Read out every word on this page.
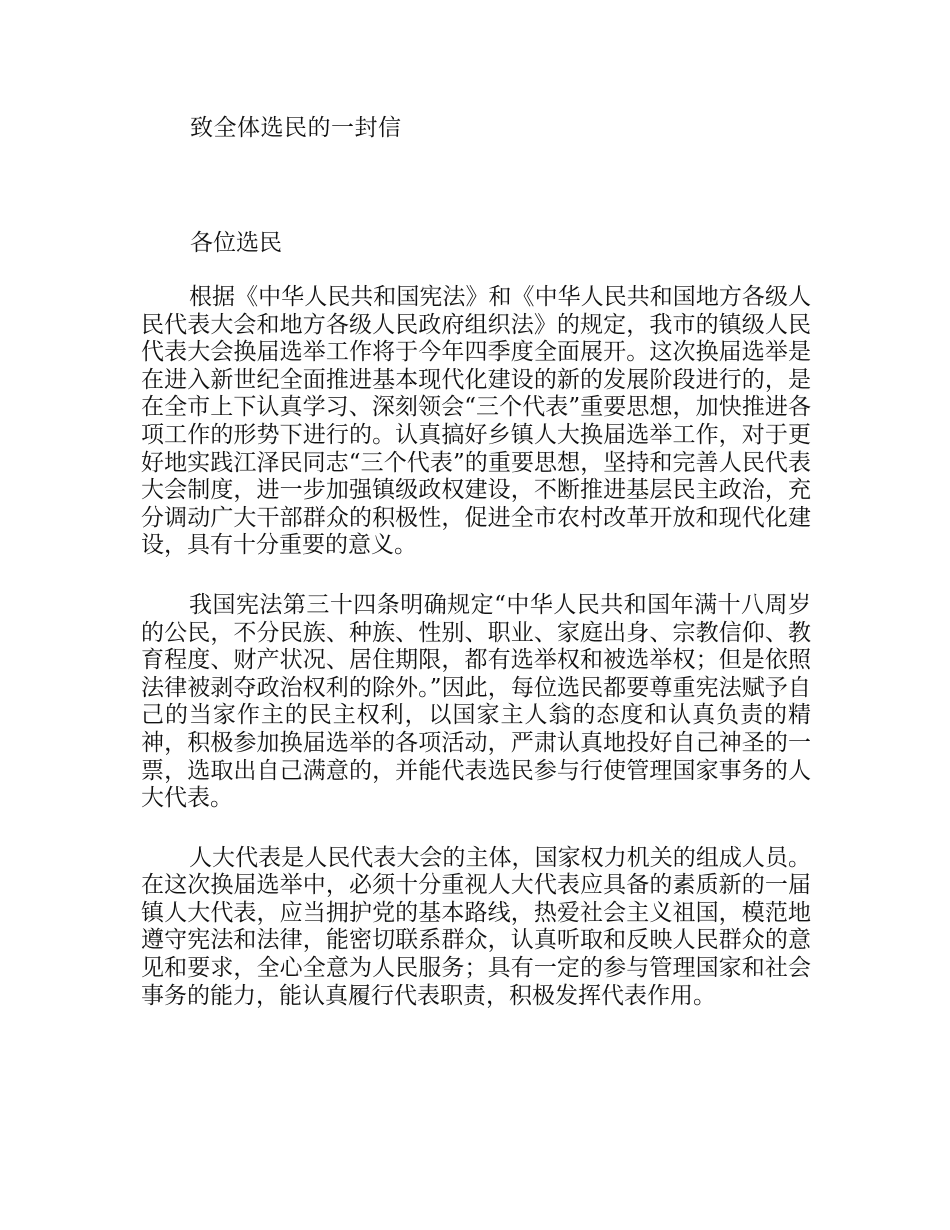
致全体选民的一封信
各位选民

根据《中华人民共和国宪法》和《中华人民共和国地方各级人民代表大会和地方各级人民政府组织法》的规定，我市的镇级人民代表大会换届选举工作将于今年四季度全面展开。这次换届选举是在进入新世纪全面推进基本现代化建设的新的发展阶段进行的，是在全市上下认真学习、深刻领会“三个代表”重要思想，加快推进各项工作的形势下进行的。认真搞好乡镇人大换届选举工作，对于更好地实践江泽民同志“三个代表”的重要思想，坚持和完善人民代表大会制度，进一步加强镇级政权建设，不断推进基层民主政治，充分调动广大干部群众的积极性，促进全市农村改革开放和现代化建设，具有十分重要的意义。

我国宪法第三十四条明确规定“中华人民共和国年满十八周岁的公民，不分民族、种族、性别、职业、家庭出身、宗教信仰、教育程度、财产状况、居住期限，都有选举权和被选举权；但是依照法律被剥夺政治权利的除外。”因此，每位选民都要尊重宪法赋予自己的当家作主的民主权利，以国家主人翁的态度和认真负责的精神，积极参加换届选举的各项活动，严肃认真地投好自己神圣的一票，选取出自己满意的，并能代表选民参与行使管理国家事务的人大代表。

人大代表是人民代表大会的主体，国家权力机关的组成人员。在这次换届选举中，必须十分重视人大代表应具备的素质新的一届镇人大代表，应当拥护党的基本路线，热爱社会主义祖国，模范地遵守宪法和法律，能密切联系群众，认真听取和反映人民群众的意见和要求，全心全意为人民服务；具有一定的参与管理国家和社会事务的能力，能认真履行代表职责，积极发挥代表作用。
